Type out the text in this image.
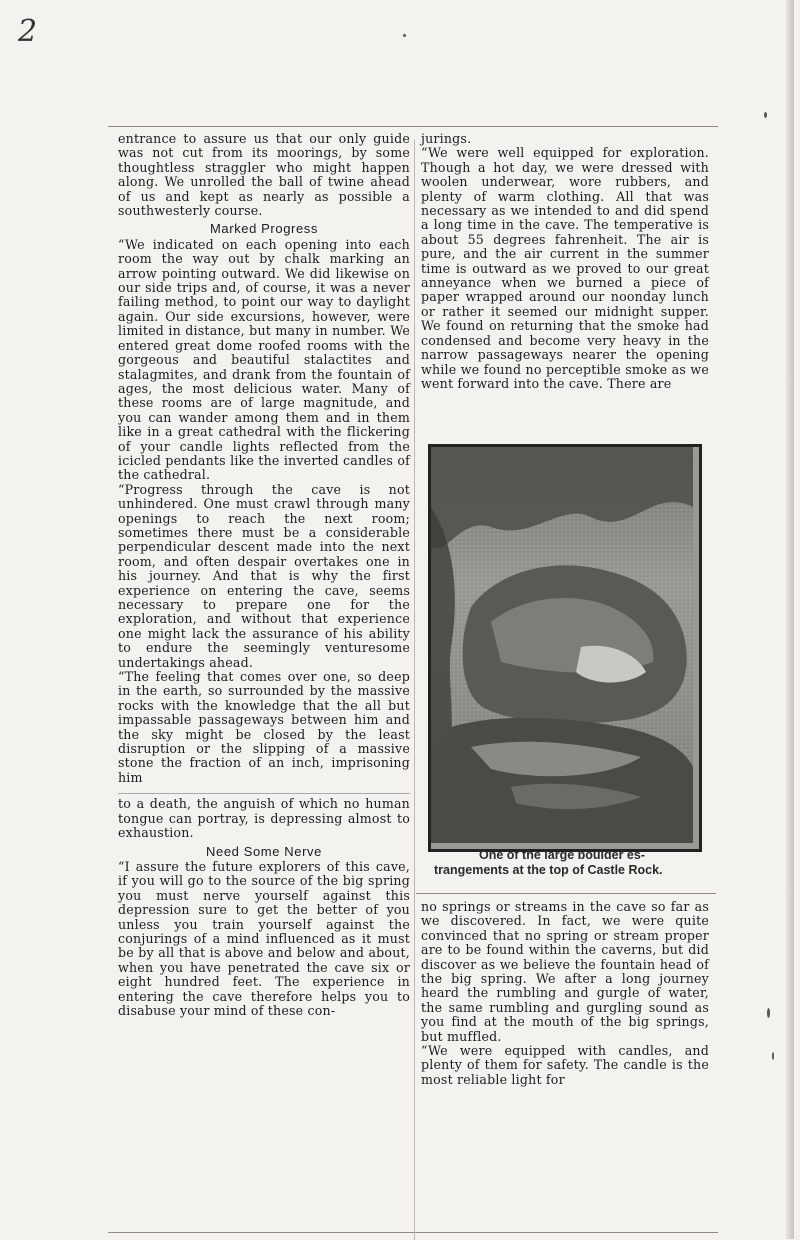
2

entrance to assure us that our only guide was not cut from its moorings, by some thoughtless straggler who might happen along. We unrolled the ball of twine ahead of us and kept as nearly as possible a southwesterly course.

Marked Progress

“We indicated on each opening into each room the way out by chalk marking an arrow pointing outward. We did likewise on our side trips and, of course, it was a never failing method, to point our way to daylight again. Our side excursions, however, were limited in distance, but many in number. We entered great dome roofed rooms with the gorgeous and beautiful stalactites and stalagmites, and drank from the fountain of ages, the most delicious water. Many of these rooms are of large magnitude, and you can wander among them and in them like in a great cathedral with the flickering of your candle lights reflected from the icicled pendants like the inverted candles of the cathedral.

“Progress through the cave is not unhindered. One must crawl through many openings to reach the next room; sometimes there must be a considerable perpendicular descent made into the next room, and often despair overtakes one in his journey. And that is why the first experience on entering the cave, seems necessary to prepare one for the exploration, and without that experience one might lack the assurance of his ability to endure the seemingly venturesome undertakings ahead.

“The feeling that comes over one, so deep in the earth, so surrounded by the massive rocks with the knowledge that the all but impassable passageways between him and the sky might be closed by the least disruption or the slipping of a massive stone the fraction of an inch, imprisoning him

to a death, the anguish of which no human tongue can portray, is depressing almost to exhaustion.

Need Some Nerve

“I assure the future explorers of this cave, if you will go to the source of the big spring you must nerve yourself against this depression sure to get the better of you unless you train yourself against the conjurings of a mind influenced as it must be by all that is above and below and about, when you have penetrated the cave six or eight hundred feet. The experience in entering the cave therefore helps you to disabuse your mind of these con-

jurings.

“We were well equipped for exploration. Though a hot day, we were dressed with woolen underwear, wore rubbers, and plenty of warm clothing. All that was necessary as we intended to and did spend a long time in the cave. The temperative is about 55 degrees fahrenheit. The air is pure, and the air current in the summer time is outward as we proved to our great anneyance when we burned a piece of paper wrapped around our noonday lunch or rather it seemed our midnight supper. We found on returning that the smoke had condensed and become very heavy in the narrow passageways nearer the opening while we found no perceptible smoke as we went forward into the cave. There are

One of the large boulder es-
trangements at the top of Castle Rock.

no springs or streams in the cave so far as we discovered. In fact, we were quite convinced that no spring or stream proper are to be found within the caverns, but did discover as we believe the fountain head of the big spring. We after a long journey heard the rumbling and gurgle of water, the same rumbling and gurgling sound as you find at the mouth of the big springs, but muffled.

“We were equipped with candles, and plenty of them for safety. The candle is the most reliable light for
